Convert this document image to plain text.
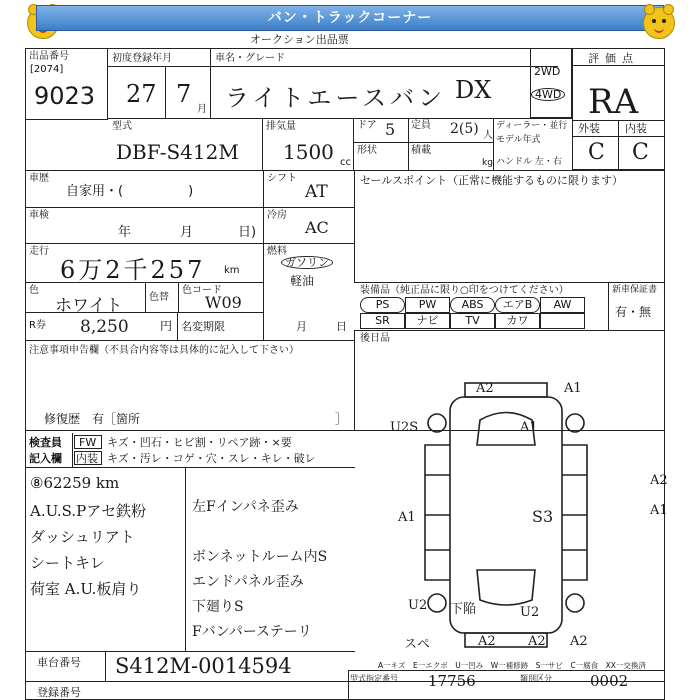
バン・トラックコーナー
オークション出品票
出品番号
[2074]
9023
初度登録年月	車名・グレード
27 7
月 ライトエースバン DX
2WD
4WD
評価点
RA
外装 内装
C C
型式
DBF-S412M
排気量
1500 cc
ドア 5 定員 2(5) 人
形状	積載
kg
ディーラー・並行
モデル年式
ハンドル 左・右
車歴
自家用・(　　　　　)
シフト
AT
セールスポイント（正常に機能するものに限ります）
車検
年	月	日)
冷房
AC
走行
6万2千257 km
燃料
ガソリン
軽油
色
ホワイト	色替
色コード
W09
装備品（純正品に限り○印をつけてください）	新車保証書
PS	PW	ABS	エアB	AW
SR	ナビ	TV	カワ
有・無
R券 8,250	円 名変期限	月	日
後日品
注意事項申告欄（不具合内容等は具体的に記入して下さい）
修復歴　有［箇所	］
検査員
記入欄
FW キズ・凹石・ヒビ割・リペア跡・×要
内装 キズ・汚レ・コゲ・穴・スレ・キレ・破レ
⑧62259 km
A.U.S.Pアセ鉄粉
ダッシュリアト
シートキレ
荷室 A.U.板肩り
左Fインパネ歪み
ボンネットルーム内S
エンドパネル歪み
下廻りS
Fバンパーステーリ
車台番号 S412M-0014594
登録番号
A2	A1
U2S	A1
A2
A1
A1	S3
U2 下陥	U2
A2 A2 A2
スペ
A一キズ　E一エクボ　U一凹み　W一補修跡　S一サビ　C一腐食　XX一交換済
型式指定番号 17756	類別区分	0002
